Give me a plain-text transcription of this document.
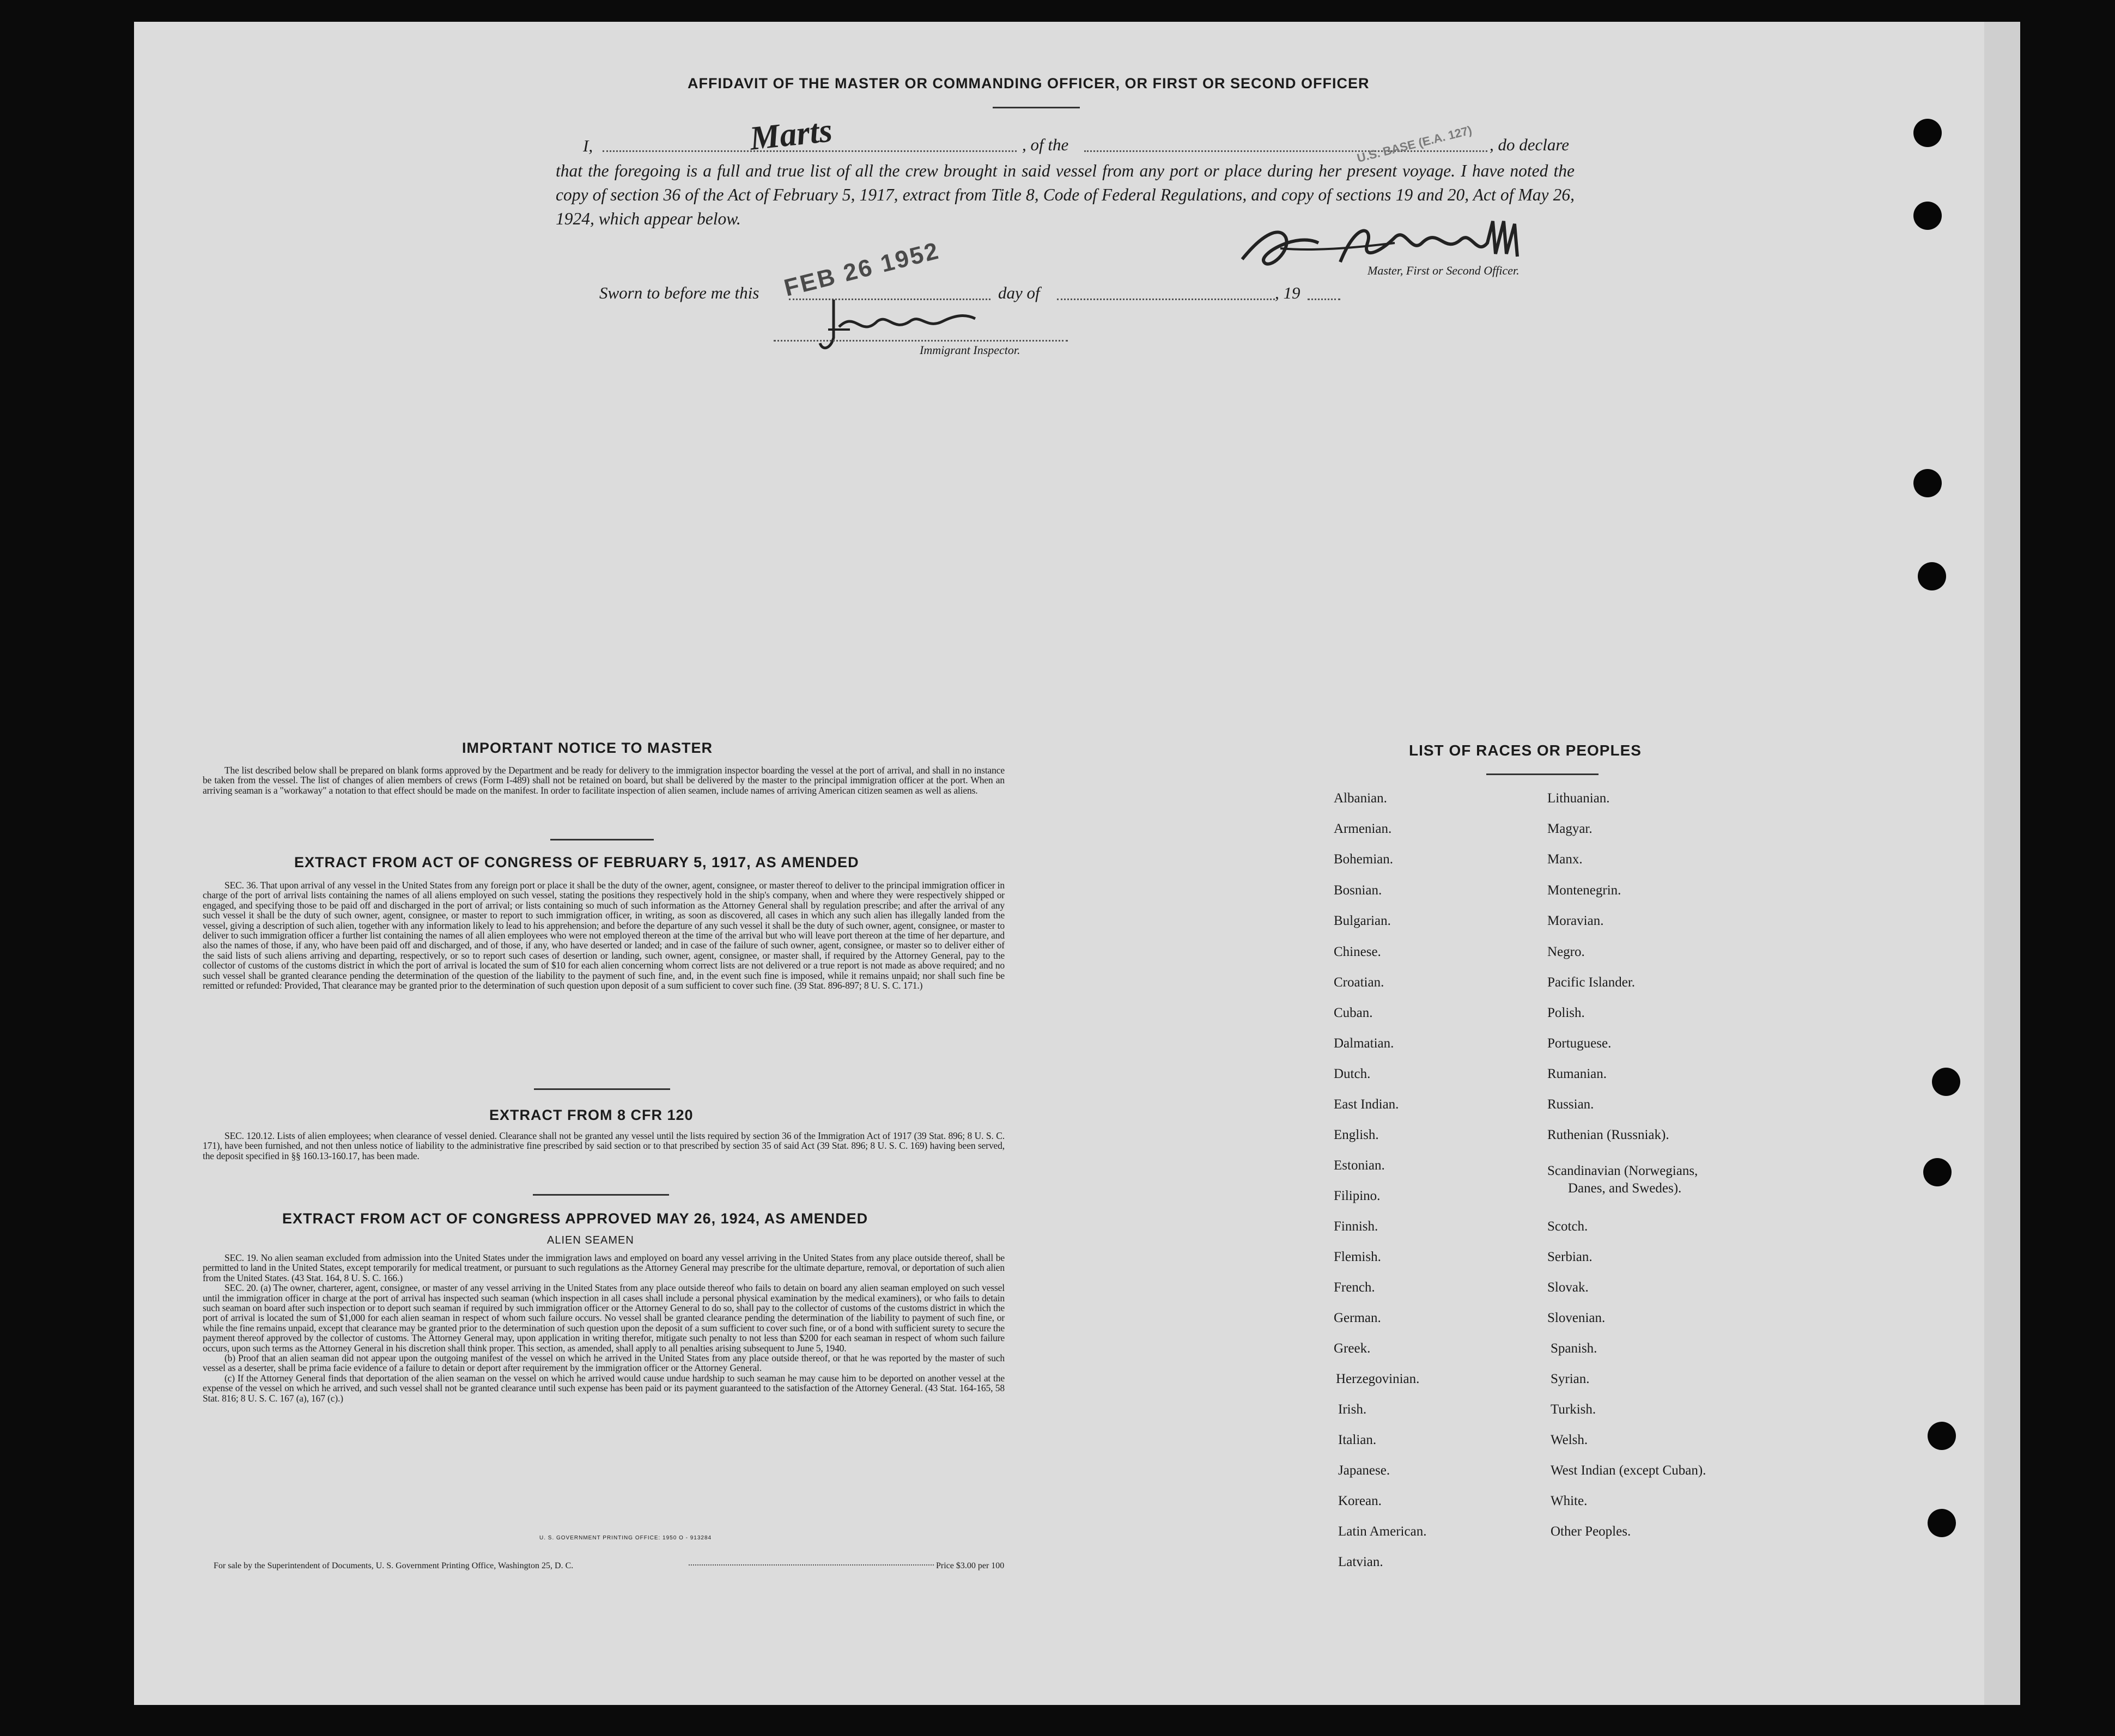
AFFIDAVIT OF THE MASTER OR COMMANDING OFFICER, OR FIRST OR SECOND OFFICER
I,	Marts	, of the	, do declare
that the foregoing is a full and true list of all the crew brought in said vessel from any port or place during her present voyage. I have noted the copy of section 36 of the Act of February 5, 1917, extract from Title 8, Code of Federal Regulations, and copy of sections 19 and 20, Act of May 26, 1924, which appear below.
Master, First or Second Officer.
Sworn to before me this	day of	, 19
FEB 26 1952
U.S. BASE (E.A. 127)
Immigrant Inspector.
IMPORTANT NOTICE TO MASTER

The list described below shall be prepared on blank forms approved by the Department and be ready for delivery to the immigration inspector boarding the vessel at the port of arrival, and shall in no instance be taken from the vessel. The list of changes of alien members of crews (Form I-489) shall not be retained on board, but shall be delivered by the master to the principal immigration officer at the port. When an arriving seaman is a "workaway" a notation to that effect should be made on the manifest. In order to facilitate inspection of alien seamen, include names of arriving American citizen seamen as well as aliens.

EXTRACT FROM ACT OF CONGRESS OF FEBRUARY 5, 1917, AS AMENDED

SEC. 36. That upon arrival of any vessel in the United States from any foreign port or place it shall be the duty of the owner, agent, consignee, or master thereof to deliver to the principal immigration officer in charge of the port of arrival lists containing the names of all aliens employed on such vessel, stating the positions they respectively hold in the ship's company, when and where they were respectively shipped or engaged, and specifying those to be paid off and discharged in the port of arrival; or lists containing so much of such information as the Attorney General shall by regulation prescribe; and after the arrival of any such vessel it shall be the duty of such owner, agent, consignee, or master to report to such immigration officer, in writing, as soon as discovered, all cases in which any such alien has illegally landed from the vessel, giving a description of such alien, together with any information likely to lead to his apprehension; and before the departure of any such vessel it shall be the duty of such owner, agent, consignee, or master to deliver to such immigration officer a further list containing the names of all alien employees who were not employed thereon at the time of the arrival but who will leave port thereon at the time of her departure, and also the names of those, if any, who have been paid off and discharged, and of those, if any, who have deserted or landed; and in case of the failure of such owner, agent, consignee, or master so to deliver either of the said lists of such aliens arriving and departing, respectively, or so to report such cases of desertion or landing, such owner, agent, consignee, or master shall, if required by the Attorney General, pay to the collector of customs of the customs district in which the port of arrival is located the sum of $10 for each alien concerning whom correct lists are not delivered or a true report is not made as above required; and no such vessel shall be granted clearance pending the determination of the question of the liability to the payment of such fine, and, in the event such fine is imposed, while it remains unpaid; nor shall such fine be remitted or refunded: Provided, That clearance may be granted prior to the determination of such question upon deposit of a sum sufficient to cover such fine. (39 Stat. 896-897; 8 U. S. C. 171.)

EXTRACT FROM 8 CFR 120

SEC. 120.12. Lists of alien employees; when clearance of vessel denied. Clearance shall not be granted any vessel until the lists required by section 36 of the Immigration Act of 1917 (39 Stat. 896; 8 U. S. C. 171), have been furnished, and not then unless notice of liability to the administrative fine prescribed by said section or to that prescribed by section 35 of said Act (39 Stat. 896; 8 U. S. C. 169) having been served, the deposit specified in §§ 160.13-160.17, has been made.

EXTRACT FROM ACT OF CONGRESS APPROVED MAY 26, 1924, AS AMENDED
ALIEN SEAMEN

SEC. 19. No alien seaman excluded from admission into the United States under the immigration laws and employed on board any vessel arriving in the United States from any place outside thereof, shall be permitted to land in the United States, except temporarily for medical treatment, or pursuant to such regulations as the Attorney General may prescribe for the ultimate departure, removal, or deportation of such alien from the United States. (43 Stat. 164, 8 U. S. C. 166.)

SEC. 20. (a) The owner, charterer, agent, consignee, or master of any vessel arriving in the United States from any place outside thereof who fails to detain on board any alien seaman employed on such vessel until the immigration officer in charge at the port of arrival has inspected such seaman (which inspection in all cases shall include a personal physical examination by the medical examiners), or who fails to detain such seaman on board after such inspection or to deport such seaman if required by such immigration officer or the Attorney General to do so, shall pay to the collector of customs of the customs district in which the port of arrival is located the sum of $1,000 for each alien seaman in respect of whom such failure occurs. No vessel shall be granted clearance pending the determination of the liability to payment of such fine, or while the fine remains unpaid, except that clearance may be granted prior to the determination of such question upon the deposit of a sum sufficient to cover such fine, or of a bond with sufficient surety to secure the payment thereof approved by the collector of customs. The Attorney General may, upon application in writing therefor, mitigate such penalty to not less than $200 for each seaman in respect of whom such failure occurs, upon such terms as the Attorney General in his discretion shall think proper. This section, as amended, shall apply to all penalties arising subsequent to June 5, 1940.

(b) Proof that an alien seaman did not appear upon the outgoing manifest of the vessel on which he arrived in the United States from any place outside thereof, or that he was reported by the master of such vessel as a deserter, shall be prima facie evidence of a failure to detain or deport after requirement by the immigration officer or the Attorney General.

(c) If the Attorney General finds that deportation of the alien seaman on the vessel on which he arrived would cause undue hardship to such seaman he may cause him to be deported on another vessel at the expense of the vessel on which he arrived, and such vessel shall not be granted clearance until such expense has been paid or its payment guaranteed to the satisfaction of the Attorney General. (43 Stat. 164-165, 58 Stat. 816; 8 U. S. C. 167 (a), 167 (c).)

U. S. GOVERNMENT PRINTING OFFICE: 1950 O - 913284
For sale by the Superintendent of Documents, U. S. Government Printing Office, Washington 25, D. C.	Price $3.00 per 100
LIST OF RACES OR PEOPLES
Albanian.
Armenian.
Bohemian.
Bosnian.
Bulgarian.
Chinese.
Croatian.
Cuban.
Dalmatian.
Dutch.
East Indian.
English.
Estonian.
Filipino.
Finnish.
Flemish.
French.
German.
Greek.
Herzegovinian.
Irish.
Italian.
Japanese.
Korean.
Latin American.
Latvian.
Lithuanian.
Magyar.
Manx.
Montenegrin.
Moravian.
Negro.
Pacific Islander.
Polish.
Portuguese.
Rumanian.
Russian.
Ruthenian (Russniak).
Scandinavian (Norwegians,
Danes, and Swedes).
Scotch.
Serbian.
Slovak.
Slovenian.
Spanish.
Syrian.
Turkish.
Welsh.
West Indian (except Cuban).
White.
Other Peoples.
